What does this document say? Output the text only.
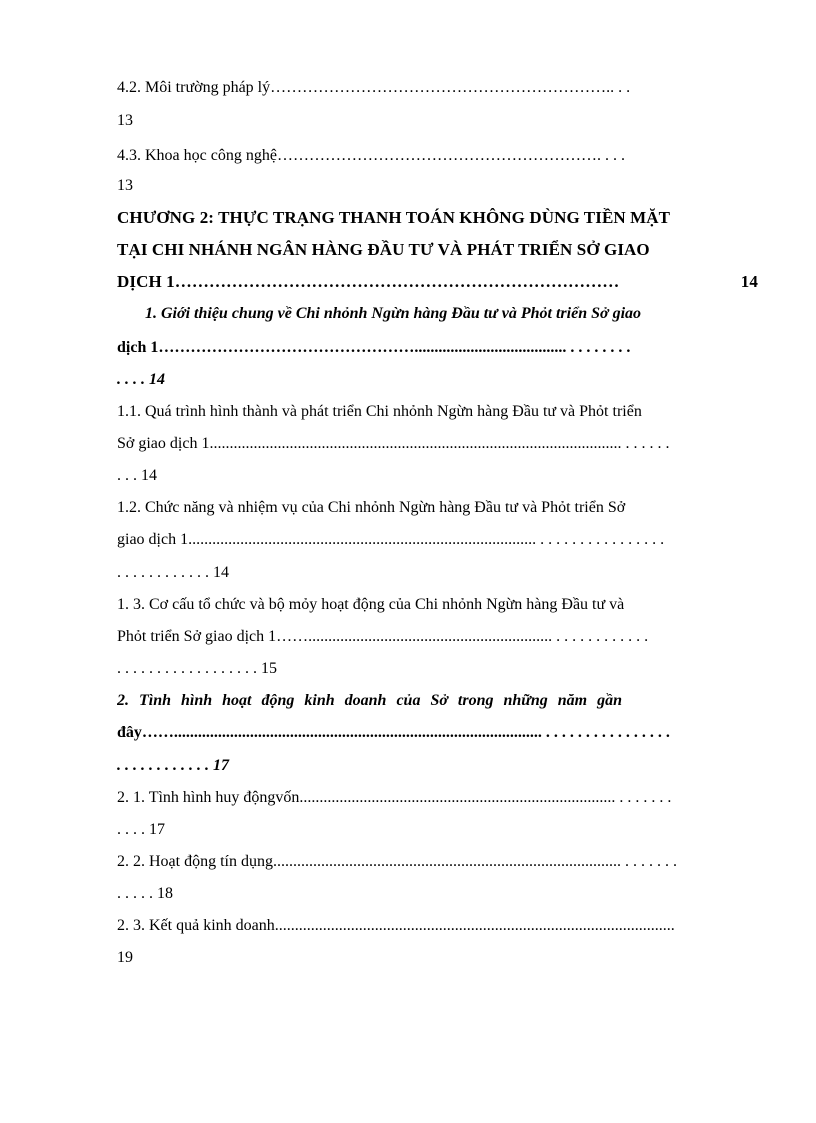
4.2. Môi trường pháp lý……………………………………………………….. . .
13
4.3. Khoa học công nghệ……………………………………………………. . . .
13
CHƯƠNG 2: THỰC TRẠNG THANH TOÁN KHÔNG DÙNG TIỀN MẶT
TẠI CHI NHÁNH NGÂN HÀNG ĐẦU TƯ VÀ PHÁT TRIỂN SỞ GIAO
DỊCH 1……………………………………………………………………	14
1. Giới thiệu chung về Chi nhỏnh Ngừn hàng Đầu tư và Phỏt triển Sở giao
dịch 1…………………………………………...................................... . . . . . . . .
. . . . 14
1.1. Quá trình hình thành và phát triển Chi nhỏnh Ngừn hàng Đầu tư và Phỏt triển
Sở giao dịch 1....................................................................................................... . . . . . .
. . . 14
1.2. Chức năng và nhiệm vụ của Chi nhỏnh Ngừn hàng Đầu tư và Phỏt triển Sở
giao dịch 1....................................................................................... . . . . . . . . . . . . . . . .
. . . . . . . . . . . . 14
1. 3. Cơ cấu tổ chức và bộ mỏy hoạt động của Chi nhỏnh Ngừn hàng Đầu tư và
Phỏt triển Sở giao dịch 1……............................................................. . . . . . . . . . . . .
. . . . . . . . . . . . . . . . . . 15
2. Tình hình hoạt động kinh doanh của Sở trong những năm gần
đây……............................................................................................ . . . . . . . . . . . . . . . .
. . . . . . . . . . . . 17
2. 1. Tình hình huy độngvốn............................................................................... . . . . . . .
. . . . 17
2. 2. Hoạt động tín dụng....................................................................................... . . . . . . .
. . . . . 18
2. 3. Kết quả kinh doanh....................................................................................................
19
